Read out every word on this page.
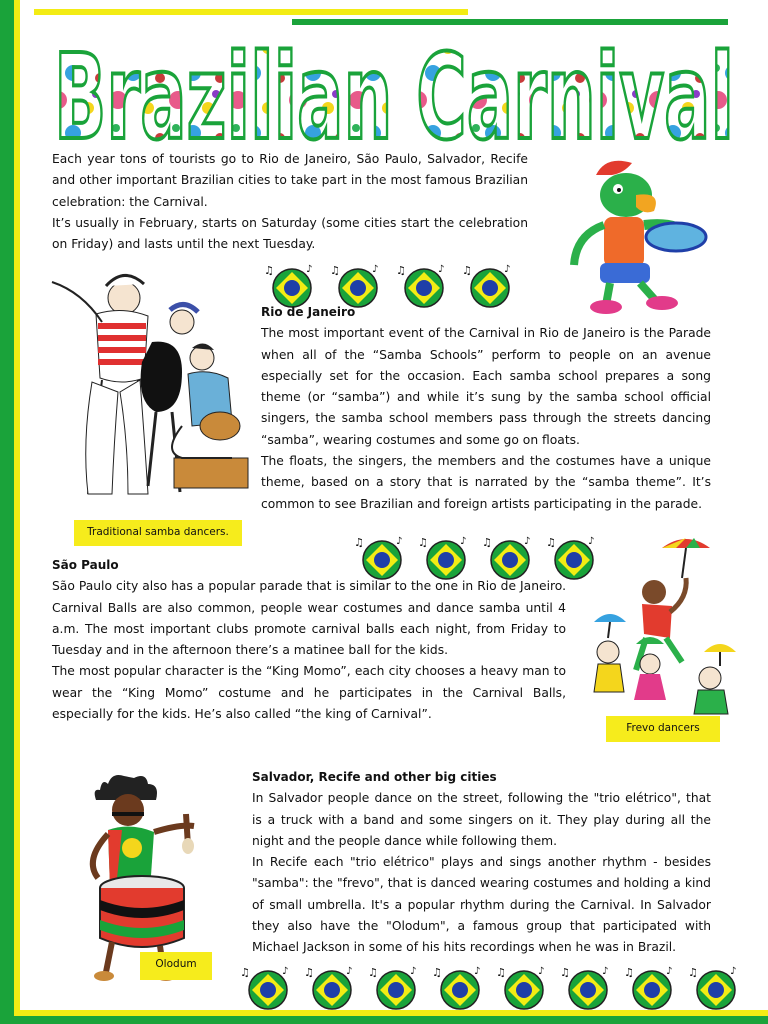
Brazilian Carnival

Each year tons of tourists go to Rio de Janeiro, São Paulo, Salvador, Recife and other important Brazilian cities to take part in the most famous Brazilian celebration: the Carnival.

It’s usually in February, starts on Saturday (some cities start the celebration on Friday) and lasts until the next Tuesday.

♫	♪ ♫	♪ ♫	♪ ♫	♪

Rio de Janeiro

The most important event of the Carnival in Rio de Janeiro is the Parade when all of the “Samba Schools” perform to people on an avenue especially set for the occasion. Each samba school prepares a song theme (or “samba”) and while it’s sung by the samba school official singers, the samba school members pass through the streets dancing “samba”, wearing costumes and some go on floats.

The floats, the singers, the members and the costumes have a unique theme, based on a story that is narrated by the “samba theme”. It’s common to see Brazilian and foreign artists participating in the parade.

Traditional samba dancers.
♫	♪ ♫	♪ ♫	♪ ♫	♪

São Paulo

São Paulo city also has a popular parade that is similar to the one in Rio de Janeiro. Carnival Balls are also common, people wear costumes and dance samba until 4 a.m. The most important clubs promote carnival balls each night, from Friday to Tuesday and in the afternoon there’s a matinee ball for the kids.

The most popular character is the “King Momo”, each city chooses a heavy man to wear the “King Momo” costume and he participates in the Carnival Balls, especially for the kids. He’s also called “the king of Carnival”.

Frevo dancers
Olodum

Salvador, Recife and other big cities

In Salvador people dance on the street, following the "trio elétrico", that is a truck with a band and some singers on it. They play during all the night and the people dance while following them.

In Recife each "trio elétrico" plays and sings another rhythm - besides "samba": the "frevo", that is danced wearing costumes and holding a kind of small umbrella. It's a popular rhythm during the Carnival. In Salvador they also have the "Olodum", a famous group that participated with Michael Jackson in some of his hits recordings when he was in Brazil.

♫	♪ ♫	♪ ♫	♪ ♫	♪ ♫	♪ ♫	♪ ♫	♪ ♫	♪
